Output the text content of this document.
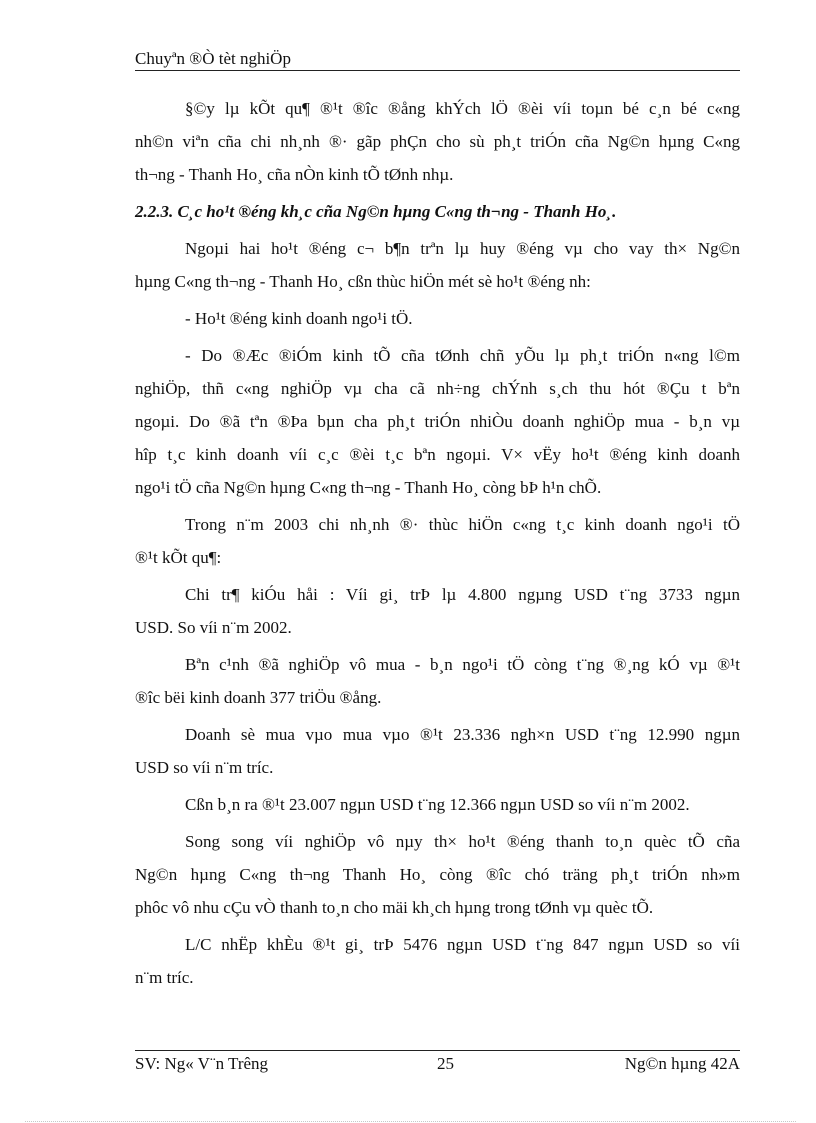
Chuyªn ®Ò tèt nghiÖp
§©y lµ kÕt qu¶ ®¹t ®îc ®ång khÝch lÖ ®èi víi toµn bé c¸n bé c«ng
nh©n viªn cña chi nh¸nh ®· gãp phÇn cho sù ph¸t triÓn cña Ng©n hµng C«ng
th¬ng - Thanh Ho¸ cña nÒn kinh tÕ tØnh nhµ.
2.2.3. C¸c ho¹t ®éng kh¸c cña Ng©n hµng C«ng th¬ng - Thanh Ho¸.
Ngoµi hai ho¹t ®éng c¬ b¶n trªn lµ huy ®éng vµ cho vay th× Ng©n
hµng C«ng th¬ng - Thanh Ho¸ cßn thùc hiÖn mét sè ho¹t ®éng nh:
- Ho¹t ®éng kinh doanh ngo¹i tÖ.
- Do ®Æc ®iÓm kinh tÕ cña tØnh chñ yÕu lµ ph¸t triÓn n«ng l©m
nghiÖp, thñ c«ng nghiÖp vµ cha cã nh÷ng chÝnh s¸ch thu hót ®Çu t bªn
ngoµi. Do ®ã tªn ®Þa bµn cha ph¸t triÓn nhiÒu doanh nghiÖp mua - b¸n vµ
hîp t¸c kinh doanh víi c¸c ®èi t¸c bªn ngoµi. V× vËy ho¹t ®éng kinh doanh
ngo¹i tÖ cña Ng©n hµng C«ng th¬ng - Thanh Ho¸ còng bÞ h¹n chÕ.
Trong n¨m 2003 chi nh¸nh ®· thùc hiÖn c«ng t¸c kinh doanh ngo¹i tÖ
®¹t kÕt qu¶:
Chi tr¶ kiÓu håi : Víi gi¸ trÞ lµ 4.800 ngµng USD t¨ng 3733 ngµn
USD. So víi n¨m 2002.
Bªn c¹nh ®ã nghiÖp vô mua - b¸n ngo¹i tÖ còng t¨ng ®¸ng kÓ vµ ®¹t
®îc bëi kinh doanh 377 triÖu ®ång.
Doanh sè mua vµo mua vµo ®¹t 23.336 ngh×n USD t¨ng 12.990 ngµn
USD so víi n¨m tríc.
Cßn b¸n ra ®¹t 23.007 ngµn USD t¨ng 12.366 ngµn USD so víi n¨m 2002.
Song song víi nghiÖp vô nµy th× ho¹t ®éng thanh to¸n quèc tÕ cña
Ng©n hµng C«ng th¬ng Thanh Ho¸ còng ®îc chó träng ph¸t triÓn nh»m
phôc vô nhu cÇu vÒ thanh to¸n cho mäi kh¸ch hµng trong tØnh vµ quèc tÕ.
L/C nhËp khÈu ®¹t gi¸ trÞ 5476 ngµn USD t¨ng 847 ngµn USD so víi
n¨m tríc.
SV: Ng« V¨n Trêng	25	Ng©n hµng 42A
